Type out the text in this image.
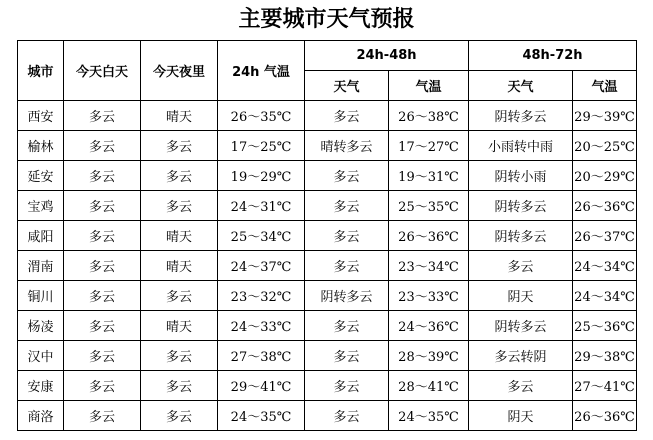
主要城市天气预报
城市	今天白天	今天夜里	24h 气温	24h-48h		48h-72h	
				天气	气温	天气	气温
西安	多云	晴天	26～35℃	多云	26～38℃	阴转多云	29～39℃
榆林	多云	多云	17～25℃	晴转多云	17～27℃	小雨转中雨	20～25℃
延安	多云	多云	19～29℃	多云	19～31℃	阴转小雨	20～29℃
宝鸡	多云	多云	24～31℃	多云	25～35℃	阴转多云	26～36℃
咸阳	多云	晴天	25～34℃	多云	26～36℃	阴转多云	26～37℃
渭南	多云	晴天	24～37℃	多云	23～34℃	多云	24～34℃
铜川	多云	多云	23～32℃	阴转多云	23～33℃	阴天	24～34℃
杨凌	多云	晴天	24～33℃	多云	24～36℃	阴转多云	25～36℃
汉中	多云	多云	27～38℃	多云	28～39℃	多云转阴	29～38℃
安康	多云	多云	29～41℃	多云	28～41℃	多云	27～41℃
商洛	多云	多云	24～35℃	多云	24～35℃	阴天	26～36℃
